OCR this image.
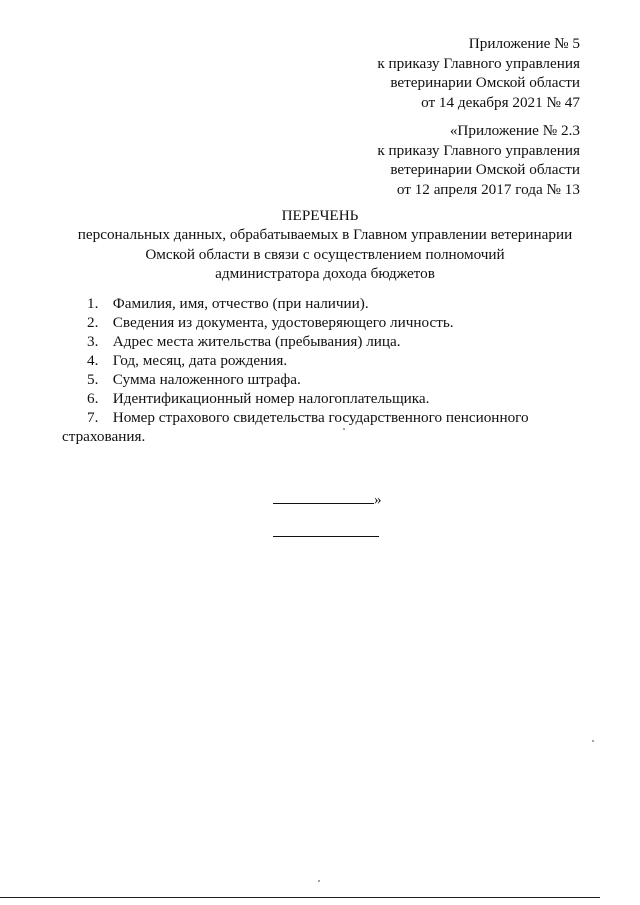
Приложение № 5
к приказу Главного управления
ветеринарии Омской области
от 14 декабря 2021 № 47
«Приложение № 2.3
к приказу Главного управления
ветеринарии Омской области
от 12 апреля 2017 года № 13
ПЕРЕЧЕНЬ
персональных данных, обрабатываемых в Главном управлении ветеринарии
Омской области в связи с осуществлением полномочий
администратора дохода бюджетов
1. Фамилия, имя, отчество (при наличии).
2. Сведения из документа, удостоверяющего личность.
3. Адрес места жительства (пребывания) лица.
4. Год, месяц, дата рождения.
5. Сумма наложенного штрафа.
6. Идентификационный номер налогоплательщика.
7. Номер страхового свидетельства государственного пенсионного
страхования.
»
